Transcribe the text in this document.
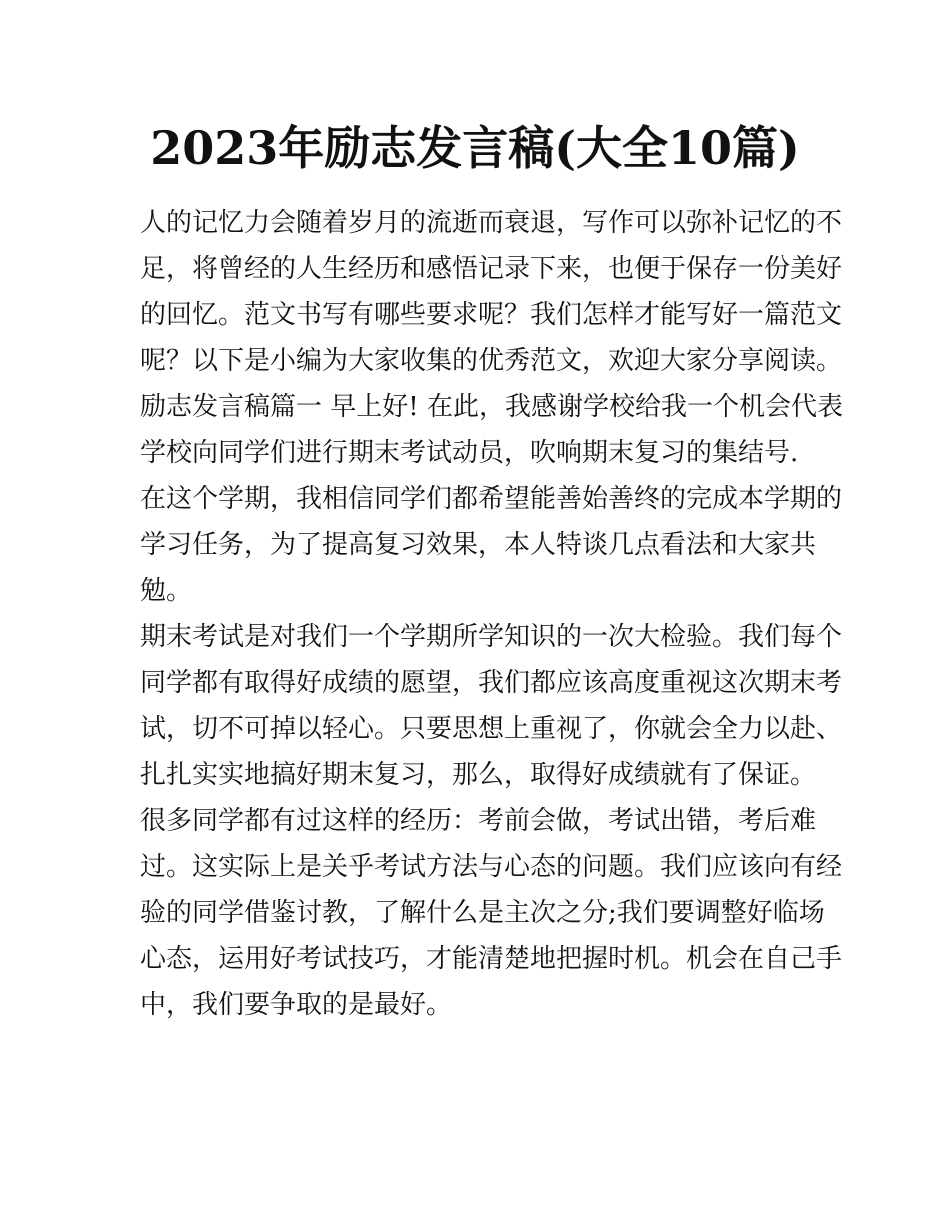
2023年励志发言稿(大全10篇)

人的记忆力会随着岁月的流逝而衰退，写作可以弥补记忆的不

足，将曾经的人生经历和感悟记录下来，也便于保存一份美好

的回忆。范文书写有哪些要求呢？我们怎样才能写好一篇范文

呢？以下是小编为大家收集的优秀范文，欢迎大家分享阅读。

励志发言稿篇一 早上好! 在此，我感谢学校给我一个机会代表

学校向同学们进行期末考试动员，吹响期末复习的集结号.

在这个学期，我相信同学们都希望能善始善终的完成本学期的

学习任务，为了提高复习效果，本人特谈几点看法和大家共

勉。

期末考试是对我们一个学期所学知识的一次大检验。我们每个

同学都有取得好成绩的愿望，我们都应该高度重视这次期末考

试，切不可掉以轻心。只要思想上重视了，你就会全力以赴、

扎扎实实地搞好期末复习，那么，取得好成绩就有了保证。

很多同学都有过这样的经历：考前会做，考试出错，考后难

过。这实际上是关乎考试方法与心态的问题。我们应该向有经

验的同学借鉴讨教，了解什么是主次之分;我们要调整好临场

心态，运用好考试技巧，才能清楚地把握时机。机会在自己手

中，我们要争取的是最好。
